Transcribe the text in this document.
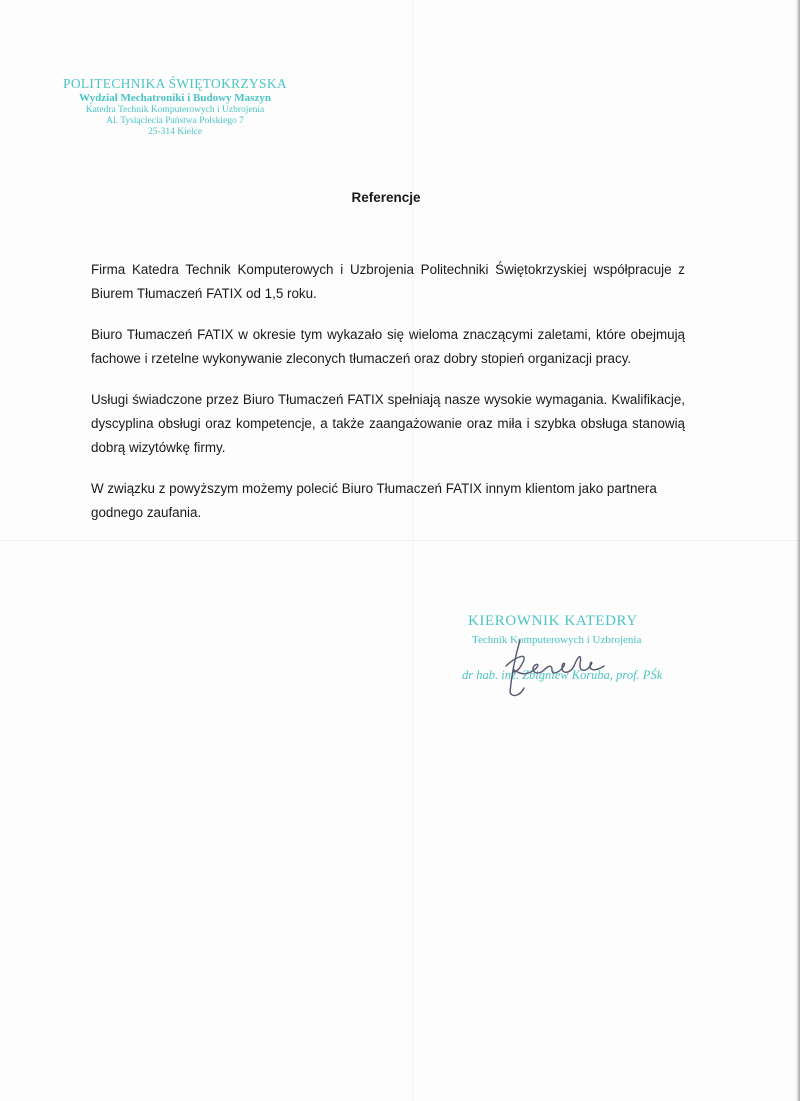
POLITECHNIKA ŚWIĘTOKRZYSKA
Wydział Mechatroniki i Budowy Maszyn
Katedra Technik Komputerowych i Uzbrojenia
Al. Tysiąclecia Państwa Polskiego 7
25-314 Kielce
Referencje

Firma Katedra Technik Komputerowych i Uzbrojenia Politechniki Świętokrzyskiej współpracuje z Biurem Tłumaczeń FATIX od 1,5 roku.

Biuro Tłumaczeń FATIX w okresie tym wykazało się wieloma znaczącymi zaletami, które obejmują fachowe i rzetelne wykonywanie zleconych tłumaczeń oraz dobry stopień organizacji pracy.

Usługi świadczone przez Biuro Tłumaczeń FATIX spełniają nasze wysokie wymagania. Kwalifikacje, dyscyplina obsługi oraz kompetencje, a także zaangażowanie oraz miła i szybka obsługa stanowią dobrą wizytówkę firmy.

W związku z powyższym możemy polecić Biuro Tłumaczeń FATIX innym klientom jako partnera godnego zaufania.

KIEROWNIK KATEDRY
Technik Komputerowych i Uzbrojenia
dr hab. inż. Zbigniew Koruba, prof. PŚk
